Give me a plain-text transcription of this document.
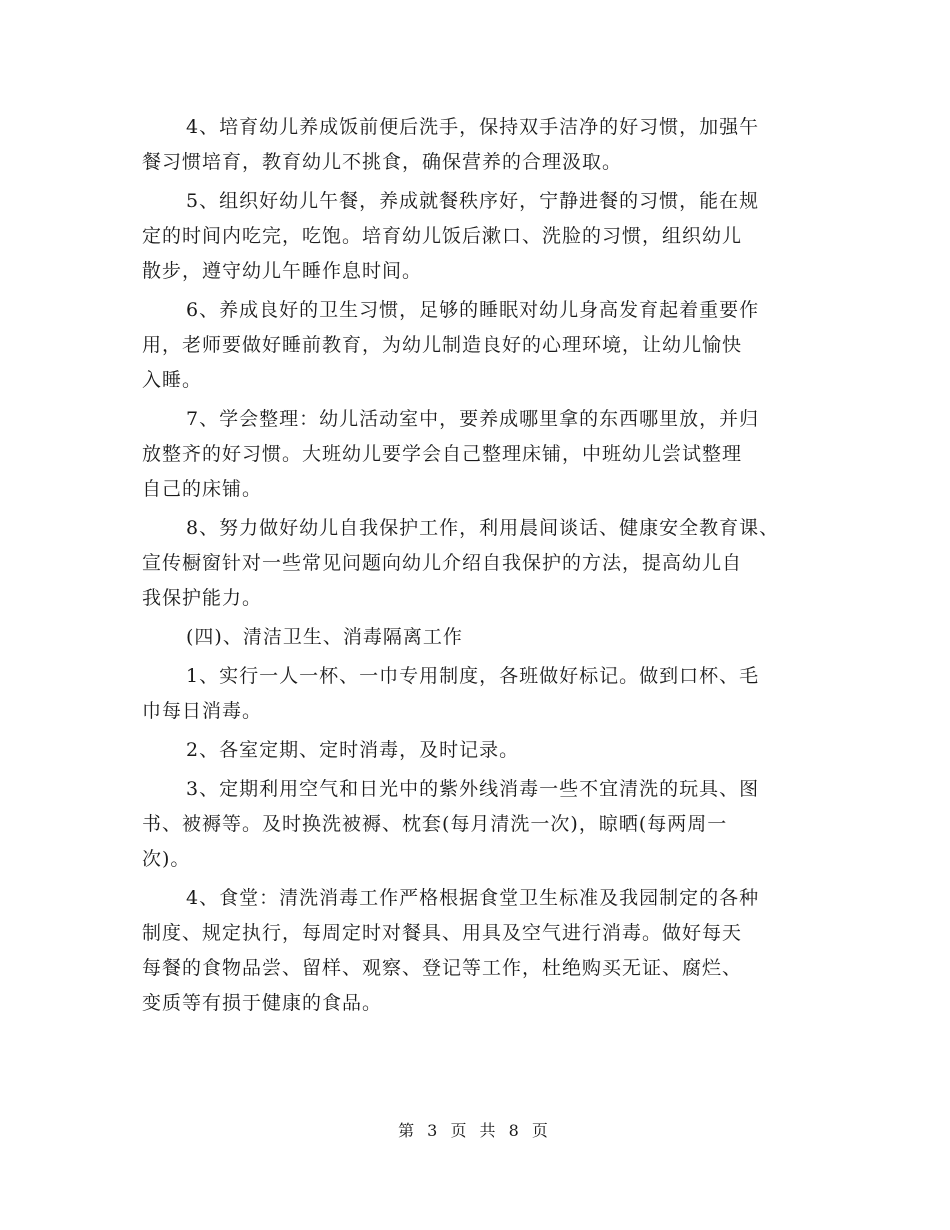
4、培育幼儿养成饭前便后洗手，保持双手洁净的好习惯，加强午
餐习惯培育，教育幼儿不挑食，确保营养的合理汲取。
5、组织好幼儿午餐，养成就餐秩序好，宁静进餐的习惯，能在规
定的时间内吃完，吃饱。培育幼儿饭后漱口、洗脸的习惯，组织幼儿
散步，遵守幼儿午睡作息时间。
6、养成良好的卫生习惯，足够的睡眠对幼儿身高发育起着重要作
用，老师要做好睡前教育，为幼儿制造良好的心理环境，让幼儿愉快
入睡。
7、学会整理：幼儿活动室中，要养成哪里拿的东西哪里放，并归
放整齐的好习惯。大班幼儿要学会自己整理床铺，中班幼儿尝试整理
自己的床铺。
8、努力做好幼儿自我保护工作，利用晨间谈话、健康安全教育课、
宣传橱窗针对一些常见问题向幼儿介绍自我保护的方法，提高幼儿自
我保护能力。
(四)、清洁卫生、消毒隔离工作
1、实行一人一杯、一巾专用制度，各班做好标记。做到口杯、毛
巾每日消毒。
2、各室定期、定时消毒，及时记录。
3、定期利用空气和日光中的紫外线消毒一些不宜清洗的玩具、图
书、被褥等。及时换洗被褥、枕套(每月清洗一次)，晾晒(每两周一
次)。
4、食堂：清洗消毒工作严格根据食堂卫生标准及我园制定的各种
制度、规定执行，每周定时对餐具、用具及空气进行消毒。做好每天
每餐的食物品尝、留样、观察、登记等工作，杜绝购买无证、腐烂、
变质等有损于健康的食品。
第 3 页 共 8 页
